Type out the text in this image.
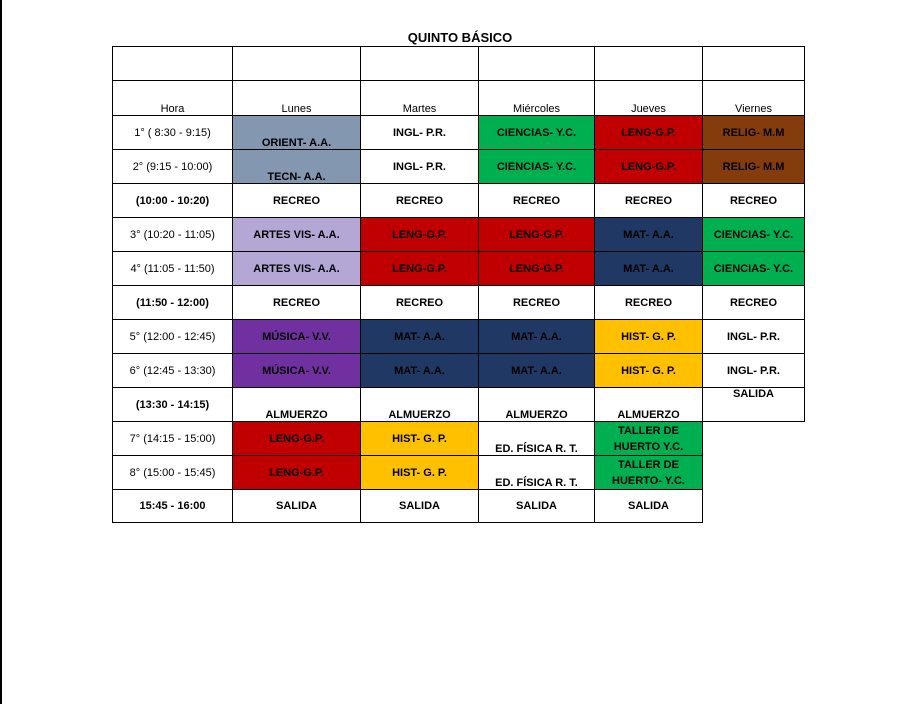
QUINTO BÁSICO

Hora	Lunes	Martes	Miércoles	Jueves	Viernes
1° ( 8:30 - 9:15)	ORIENT- A.A.	INGL- P.R.	CIENCIAS- Y.C.	LENG-G.P.	RELIG- M.M
2° (9:15 - 10:00)	TECN- A.A.	INGL- P.R.	CIENCIAS- Y.C.	LENG-G.P.	RELIG- M.M
(10:00 - 10:20)	RECREO	RECREO	RECREO	RECREO	RECREO
3° (10:20 - 11:05)	ARTES VIS- A.A.	LENG-G.P.	LENG-G.P.	MAT- A.A.	CIENCIAS- Y.C.
4° (11:05 - 11:50)	ARTES VIS- A.A.	LENG-G.P.	LENG-G.P.	MAT- A.A.	CIENCIAS- Y.C.
(11:50 - 12:00)	RECREO	RECREO	RECREO	RECREO	RECREO
5° (12:00 - 12:45)	MÚSICA- V.V.	MAT- A.A.	MAT- A.A.	HIST- G. P.	INGL- P.R.
6° (12:45 - 13:30)	MÚSICA- V.V.	MAT- A.A.	MAT- A.A.	HIST- G. P.	INGL- P.R.
(13:30 - 14:15)	ALMUERZO	ALMUERZO	ALMUERZO	ALMUERZO	SALIDA
7° (14:15 - 15:00)	LENG-G.P.	HIST- G. P.	ED. FÍSICA R. T.	TALLER DE HUERTO Y.C.	
8° (15:00 - 15:45)	LENG-G.P.	HIST- G. P.	ED. FÍSICA R. T.	TALLER DE HUERTO- Y.C.	
15:45 - 16:00	SALIDA	SALIDA	SALIDA	SALIDA	
